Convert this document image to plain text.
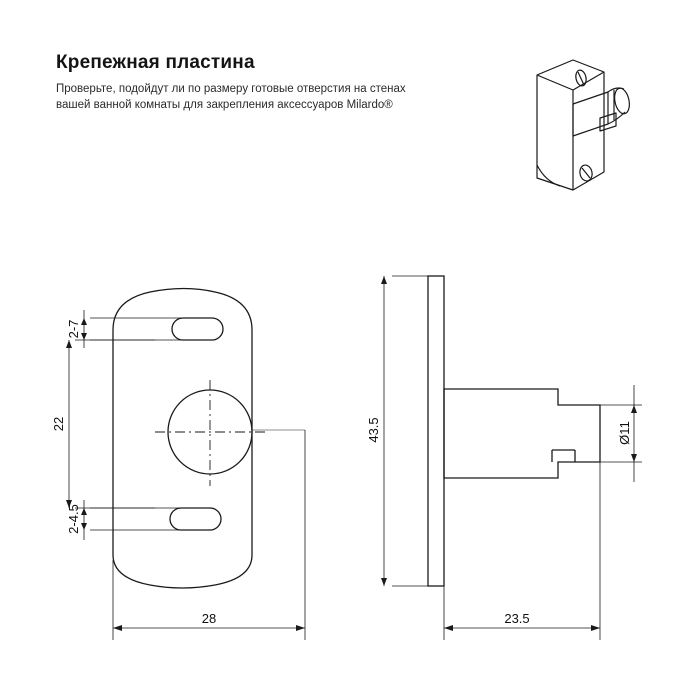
Крепежная пластина
Проверьте, подойдут ли по размеру готовые отверстия на стенах вашей ванной комнаты для закрепления аксессуаров Milardo®
2-7
22
2-4.5
28
43.5	Ø11
23.5
